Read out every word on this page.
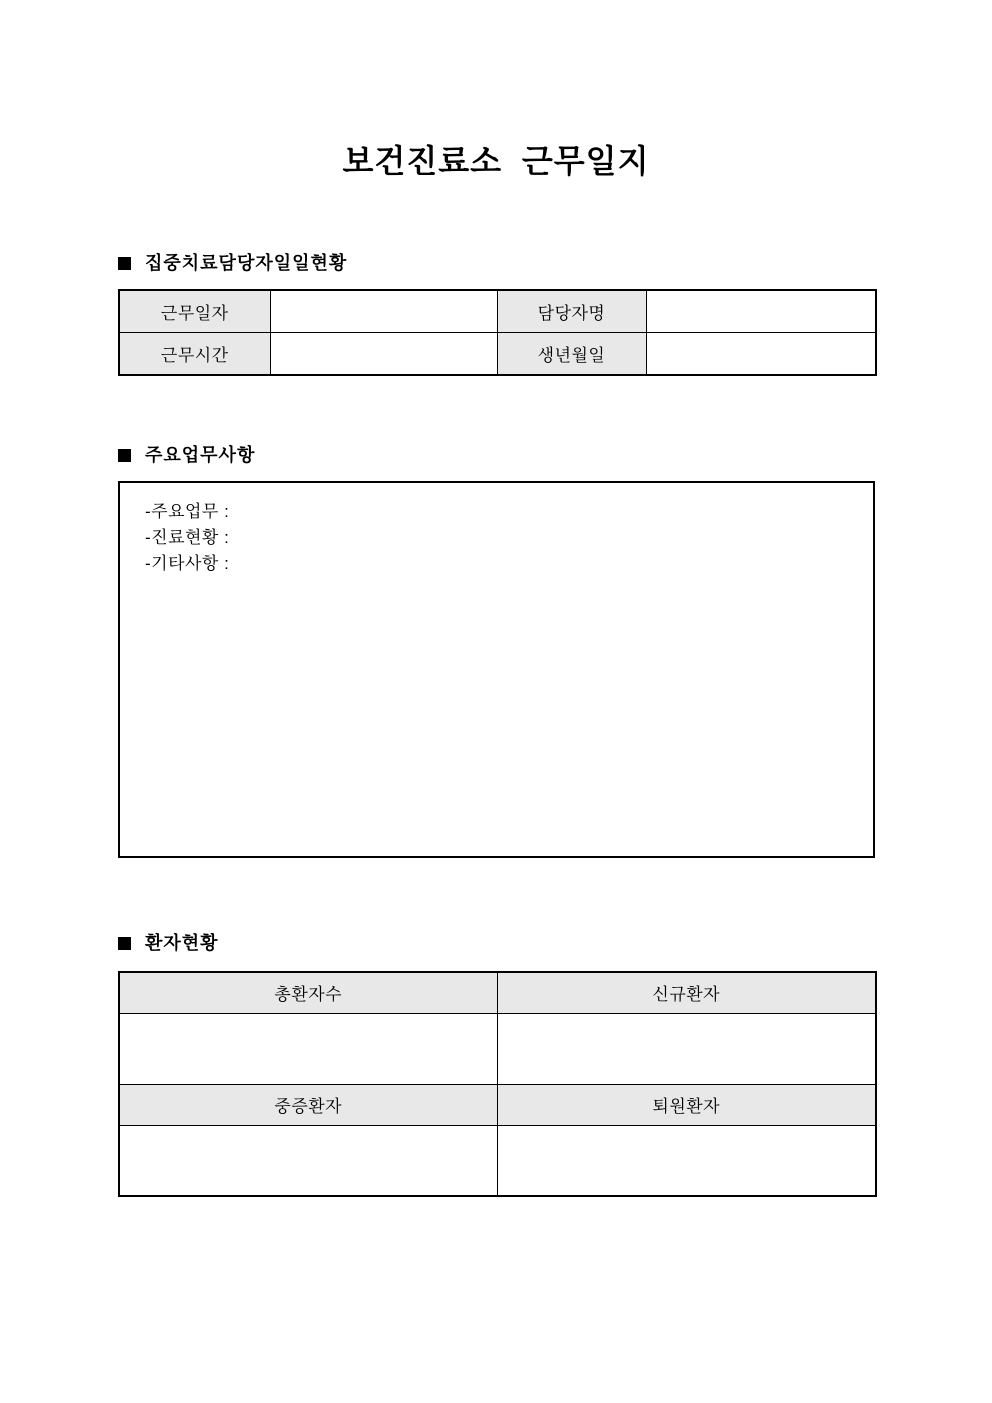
보건진료소  근무일지
집중치료담당자일일현황
근무일자		담당자명	
근무시간		생년월일	
주요업무사항
-주요업무 :
-진료현황 :
-기타사항 :
환자현황
총환자수	신규환자

중증환자	퇴원환자
